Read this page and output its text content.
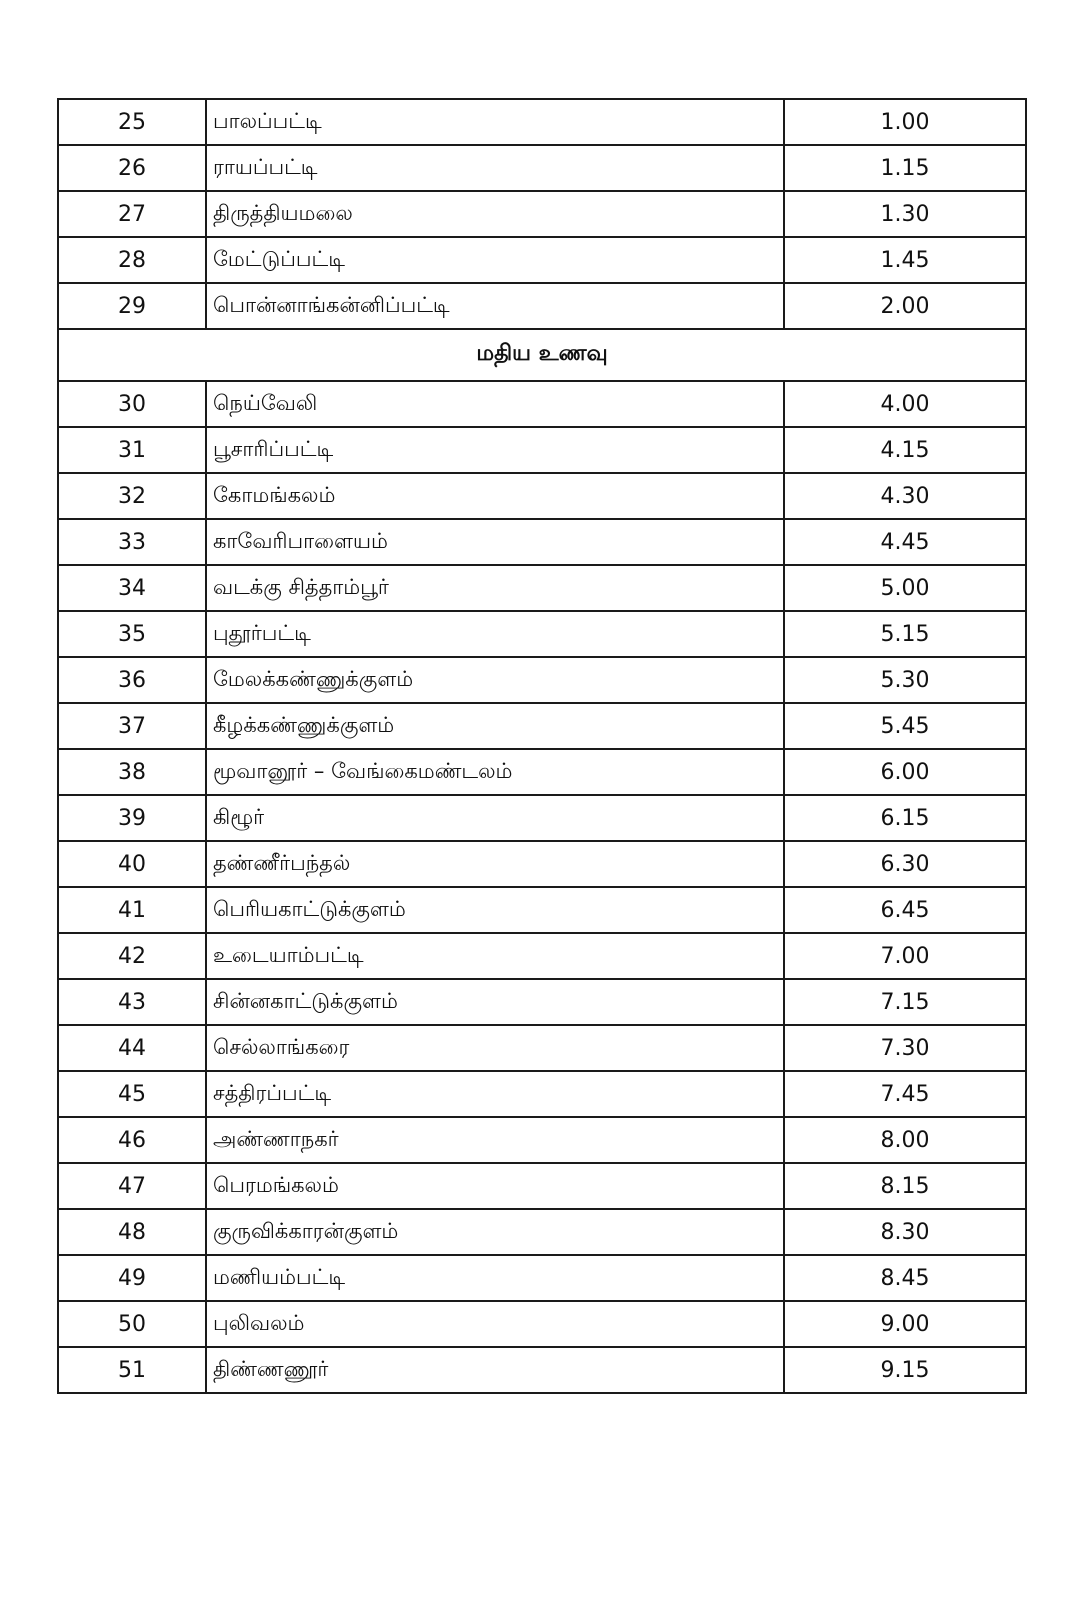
25	பாலப்பட்டி	1.00
26	ராயப்பட்டி	1.15
27	திருத்தியமலை	1.30
28	மேட்டுப்பட்டி	1.45
29	பொன்னாங்கன்னிப்பட்டி	2.00
மதிய உணவு		
30	நெய்வேலி	4.00
31	பூசாரிப்பட்டி	4.15
32	கோமங்கலம்	4.30
33	காவேரிபாளையம்	4.45
34	வடக்கு சித்தாம்பூர்	5.00
35	புதூர்பட்டி	5.15
36	மேலக்கண்ணுக்குளம்	5.30
37	கீழக்கண்ணுக்குளம்	5.45
38	மூவானூர் – வேங்கைமண்டலம்	6.00
39	கிழூர்	6.15
40	தண்ணீர்பந்தல்	6.30
41	பெரியகாட்டுக்குளம்	6.45
42	உடையாம்பட்டி	7.00
43	சின்னகாட்டுக்குளம்	7.15
44	செல்லாங்கரை	7.30
45	சத்திரப்பட்டி	7.45
46	அண்ணாநகர்	8.00
47	பெரமங்கலம்	8.15
48	குருவிக்காரன்குளம்	8.30
49	மணியம்பட்டி	8.45
50	புலிவலம்	9.00
51	திண்ணணூர்	9.15
